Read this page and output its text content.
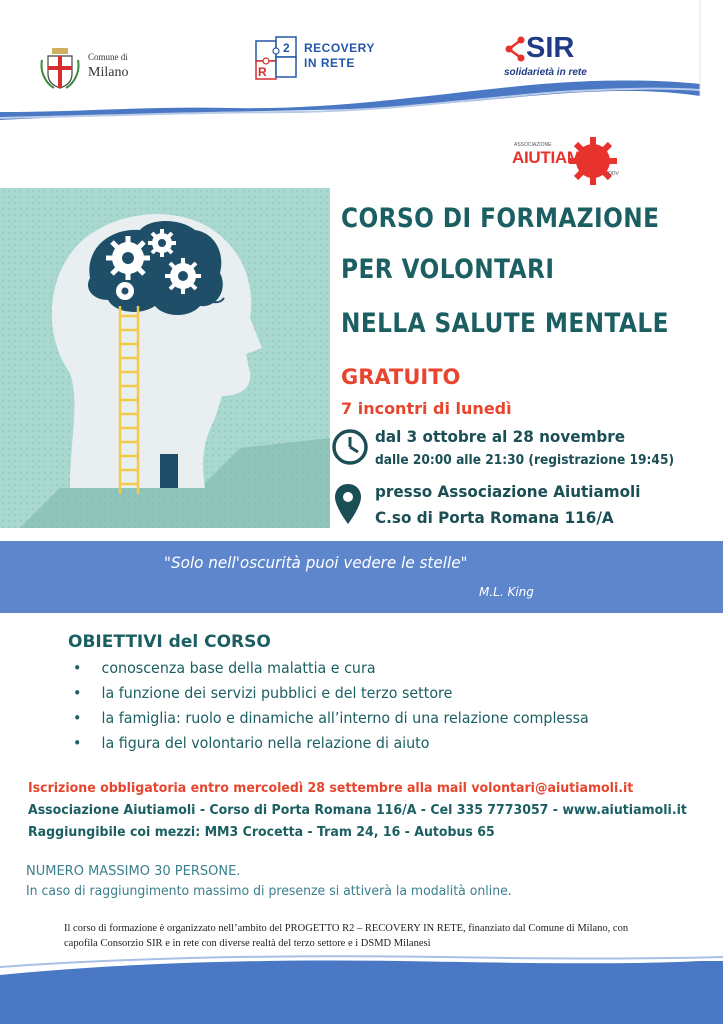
Comune di
Milano	R
2 RECOVERY
IN RETE	SIR
solidarietà in rete
ASSOCIAZIONE
AIUTIAMOLI
ODV
CORSO DI FORMAZIONE
PER VOLONTARI
NELLA SALUTE MENTALE
GRATUITO
7 incontri di lunedì
dal 3 ottobre al 28 novembre
dalle 20:00 alle 21:30 (registrazione 19:45)
presso Associazione Aiutiamoli
C.so di Porta Romana 116/A
"Solo nell'oscurità puoi vedere le stelle"
M.L. King
OBIETTIVI del CORSO
• conoscenza base della malattia e cura
• la funzione dei servizi pubblici e del terzo settore
• la famiglia: ruolo e dinamiche all’interno di una relazione complessa
• la figura del volontario nella relazione di aiuto
Iscrizione obbligatoria entro mercoledì 28 settembre alla mail volontari@aiutiamoli.it
Associazione Aiutiamoli - Corso di Porta Romana 116/A - Cel 335 7773057 - www.aiutiamoli.it
Raggiungibile coi mezzi: MM3 Crocetta - Tram 24, 16 - Autobus 65
NUMERO MASSIMO 30 PERSONE.
In caso di raggiungimento massimo di presenze si attiverà la modalità online.
Il corso di formazione è organizzato nell’ambito del PROGETTO R2 – RECOVERY IN RETE, finanziato dal Comune di Milano, con capofila Consorzio SIR e in rete con diverse realtà del terzo settore e i DSMD Milanesi
